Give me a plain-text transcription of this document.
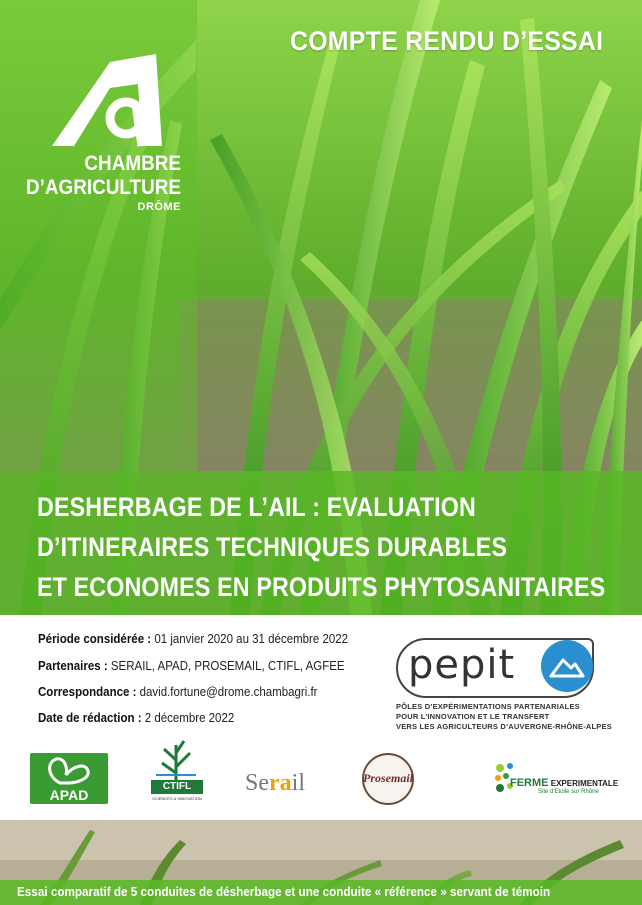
COMPTE RENDU D’ESSAI
CHAMBRE
D’AGRICULTURE
DRÔME
DESHERBAGE DE L’AIL : EVALUATION
D’ITINERAIRES TECHNIQUES DURABLES
ET ECONOMES EN PRODUITS PHYTOSANITAIRES
Période considérée : 01 janvier 2020 au 31 décembre 2022
Partenaires : SERAIL, APAD, PROSEMAIL, CTIFL, AGFEE
Correspondance : david.fortune@drome.chambagri.fr
Date de rédaction : 2 décembre 2022
pepit
PÔLES D’EXPÉRIMENTATIONS PARTENARIALES
POUR L’INNOVATION ET LE TRANSFERT
VERS LES AGRICULTEURS D’AUVERGNE-RHÔNE-ALPES
APAD
CTIFL
SCIENCES & INNOVATION
Serail	Prosemail	FERME EXPERIMENTALE
Site d'Etoile sur Rhône
Essai comparatif de 5 conduites de désherbage et une conduite « référence » servant de témoin
